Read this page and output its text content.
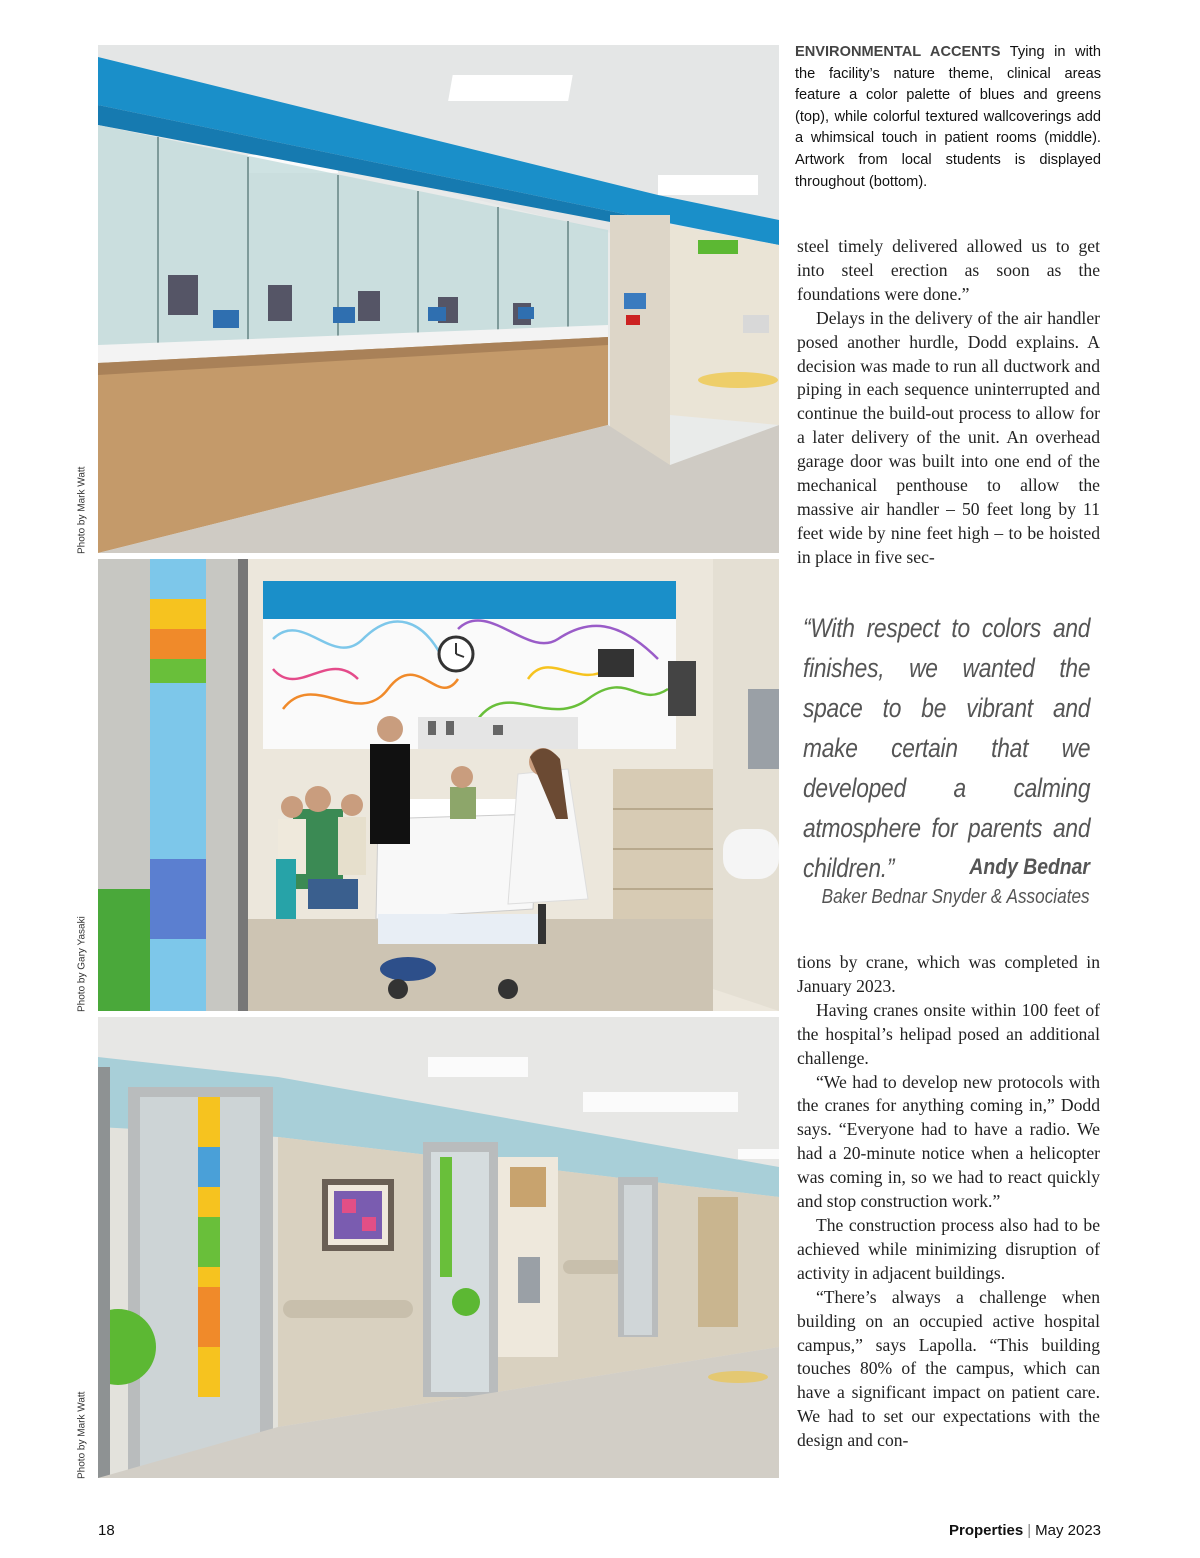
Photo by Mark Watt
Photo by Gary Yasaki
Photo by Mark Watt
ENVIRONMENTAL ACCENTS Tying in with the facility’s nature theme, clinical areas feature a color palette of blues and greens (top), while colorful textured wallcoverings add a whimsical touch in patient rooms (middle). Artwork from local students is displayed throughout (bottom).

steel timely delivered allowed us to get into steel erection as soon as the foundations were done.”

Delays in the delivery of the air handler posed another hurdle, Dodd explains. A decision was made to run all ductwork and piping in each sequence uninterrupted and continue the build-out process to allow for a later delivery of the unit. An overhead garage door was built into one end of the mechanical penthouse to allow the massive air handler – 50 feet long by 11 feet wide by nine feet high – to be hoisted in place in five sec-

“With respect to colors and finishes, we wanted the space to be vibrant and make certain that we developed a calming atmosphere for parents and children.”	Andy Bednar
Baker Bednar Snyder & Associates

tions by crane, which was completed in January 2023.

Having cranes onsite within 100 feet of the hospital’s helipad posed an additional challenge.

“We had to develop new protocols with the cranes for anything coming in,” Dodd says. “Everyone had to have a radio. We had a 20-minute notice when a helicopter was coming in, so we had to react quickly and stop construction work.”

The construction process also had to be achieved while minimizing disruption of activity in adjacent buildings.

“There’s always a challenge when building on an occupied active hospital campus,” says Lapolla. “This building touches 80% of the campus, which can have a significant impact on patient care. We had to set our expectations with the design and con-

18	Properties | May 2023
